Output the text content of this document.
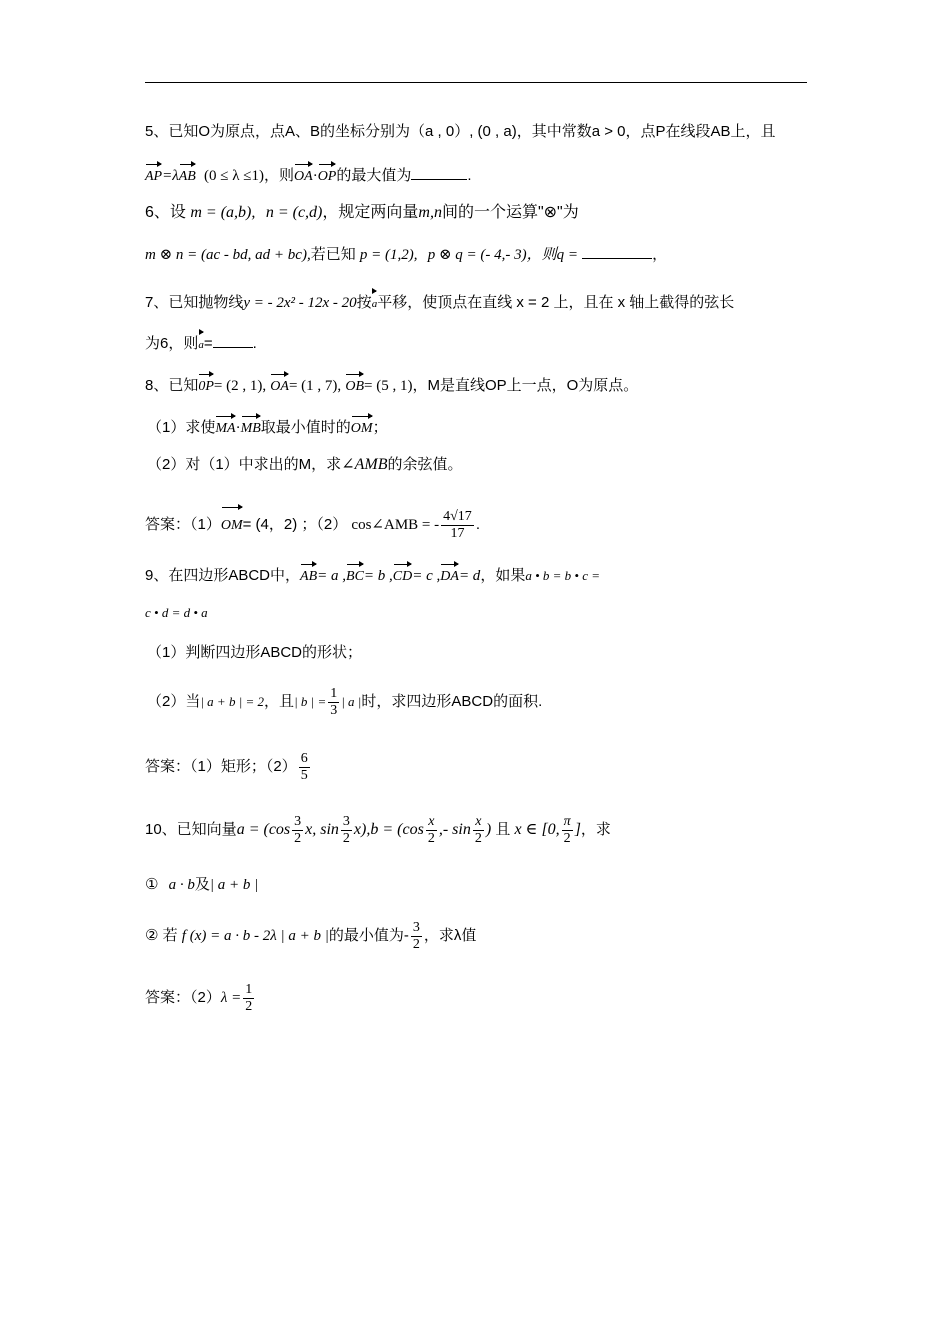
5、已知O为原点，点A、B的坐标分别为（a , 0）, (0 , a)，其中常数a > 0，点P在线段AB上，且
AP=λAB (0 ≤ λ ≤1)，则OA·OP的最大值为	.
6、设 m = (a,b), n = (c,d)，规定两向量m,n间的一个运算"⊗"为
m ⊗ n = (ac - bd, ad + bc),若已知 p = (1,2), p ⊗ q = (- 4,- 3)，则q =	，
7、已知抛物线y = - 2x² - 12x - 20按a平移，使顶点在直线 x = 2 上，且在 x 轴上截得的弦长
为6，则a=	.
8、已知0P= (2 , 1), OA= (1 , 7), OB= (5 , 1)，M是直线OP上一点，O为原点。
（1）求使MA·MB取最小值时的OM；
（2）对（1）中求出的M，求∠AMB的余弦值。
答案：（1）OM= (4，2) ；（2） cos∠AMB = - $\frac{4√17}{17}$ .
9、在四边形ABCD中，AB= a ,BC= b ,CD= c ,DA= d，如果a • b = b • c =
c • d = d • a
（1）判断四边形ABCD的形状；
（2）当| a + b | = 2，且| b | = $\frac{1}{3}$ | a |时，求四边形ABCD的面积.
答案：（1）矩形；$(2) \frac{6}{5}$
10、已知向量$a = (\cos \frac{3}{2} x$, $\sin \frac{3}{2} x),b = (\cos \frac{x}{2}$ ,- $\sin \frac{x}{2}$ ) 且 x ∈ [0, $\frac{\pi}{2}$ ]，求
① a · b及| a + b |
② 若 f (x) = a · b - 2λ | a + b |的最小值为- $\frac{3}{2}$ ，求λ值
答案：$(2)\lambda = \frac{1}{2}$
